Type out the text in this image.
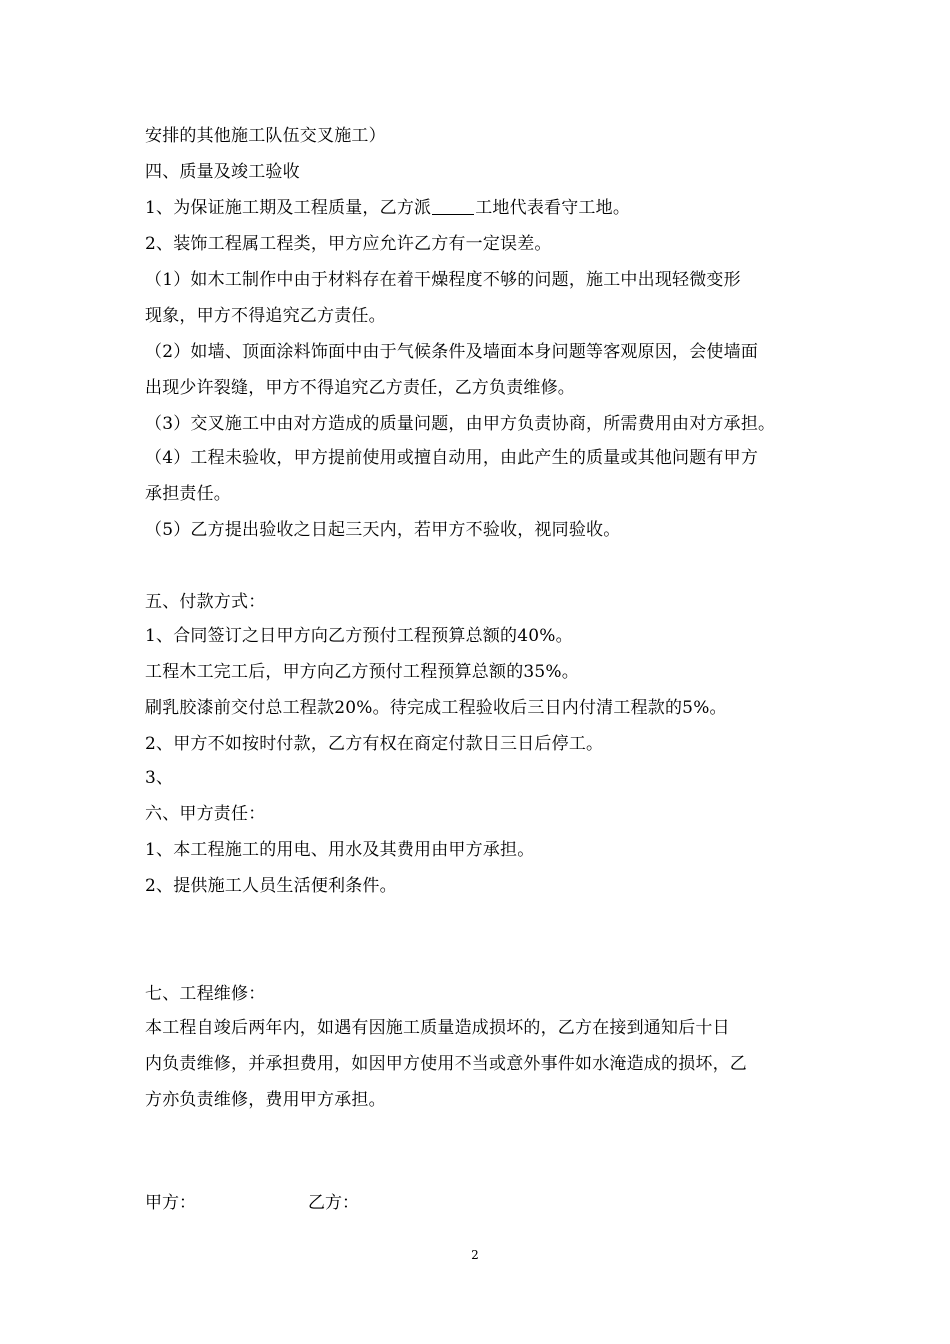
安排的其他施工队伍交叉施工）
四、质量及竣工验收
1、为保证施工期及工程质量，乙方派	工地代表看守工地。
2、装饰工程属工程类，甲方应允许乙方有一定误差。
（1）如木工制作中由于材料存在着干燥程度不够的问题，施工中出现轻微变形
现象，甲方不得追究乙方责任。
（2）如墙、顶面涂料饰面中由于气候条件及墙面本身问题等客观原因，会使墙面
出现少许裂缝，甲方不得追究乙方责任，乙方负责维修。
（3）交叉施工中由对方造成的质量问题，由甲方负责协商，所需费用由对方承担。
（4）工程未验收，甲方提前使用或擅自动用，由此产生的质量或其他问题有甲方
承担责任。
（5）乙方提出验收之日起三天内，若甲方不验收，视同验收。
五、付款方式：
1、合同签订之日甲方向乙方预付工程预算总额的40%。
工程木工完工后，甲方向乙方预付工程预算总额的35%。
刷乳胶漆前交付总工程款20%。待完成工程验收后三日内付清工程款的5%。
2、甲方不如按时付款，乙方有权在商定付款日三日后停工。
3、
六、甲方责任：
1、本工程施工的用电、用水及其费用由甲方承担。
2、提供施工人员生活便利条件。
七、工程维修：
本工程自竣后两年内，如遇有因施工质量造成损坏的，乙方在接到通知后十日
内负责维修，并承担费用，如因甲方使用不当或意外事件如水淹造成的损坏，乙
方亦负责维修，费用甲方承担。
甲方：	乙方：
2
